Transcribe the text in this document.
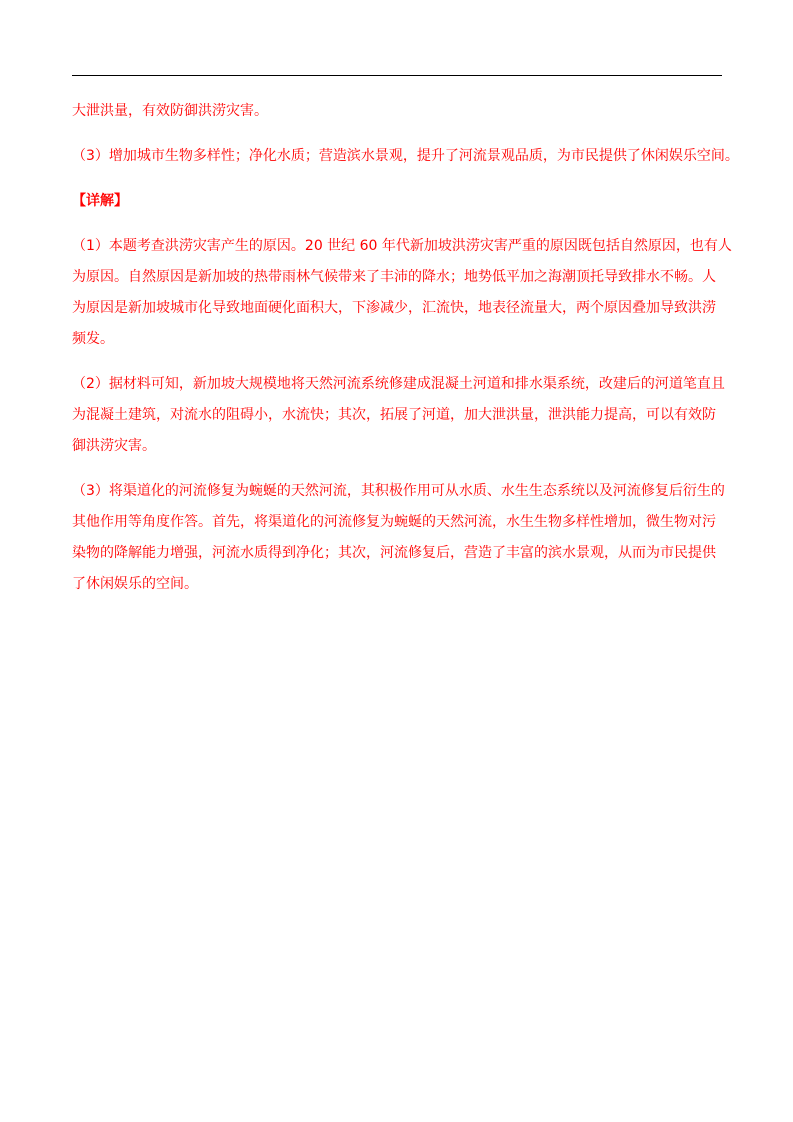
大泄洪量，有效防御洪涝灾害。

（3）增加城市生物多样性；净化水质；营造滨水景观，提升了河流景观品质，为市民提供了休闲娱乐空间。

【详解】

（1）本题考查洪涝灾害产生的原因。20 世纪 60 年代新加坡洪涝灾害严重的原因既包括自然原因，也有人
为原因。自然原因是新加坡的热带雨林气候带来了丰沛的降水；地势低平加之海潮顶托导致排水不畅。人
为原因是新加坡城市化导致地面硬化面积大，下渗减少，汇流快，地表径流量大，两个原因叠加导致洪涝
频发。

（2）据材料可知，新加坡大规模地将天然河流系统修建成混凝土河道和排水渠系统，改建后的河道笔直且
为混凝土建筑，对流水的阻碍小，水流快；其次，拓展了河道，加大泄洪量，泄洪能力提高，可以有效防
御洪涝灾害。

（3）将渠道化的河流修复为蜿蜒的天然河流，其积极作用可从水质、水生生态系统以及河流修复后衍生的
其他作用等角度作答。首先，将渠道化的河流修复为蜿蜒的天然河流，水生生物多样性增加，微生物对污
染物的降解能力增强，河流水质得到净化；其次，河流修复后，营造了丰富的滨水景观，从而为市民提供
了休闲娱乐的空间。
